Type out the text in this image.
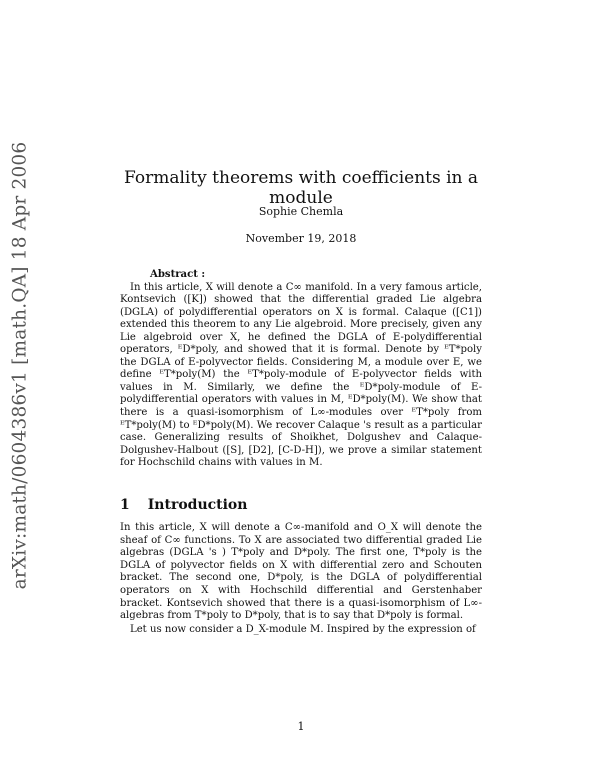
arXiv:math/0604386v1 [math.QA] 18 Apr 2006	Formality theorems with coefficients in a module
Sophie Chemla
November 19, 2018

Abstract :

In this article, X will denote a C∞ manifold. In a very famous article, Kontsevich ([K]) showed that the differential graded Lie algebra (DGLA) of polydifferential operators on X is formal. Calaque ([C1]) extended this theorem to any Lie algebroid. More precisely, given any Lie algebroid over X, he defined the DGLA of E-polydifferential operators, ᴱD*poly, and showed that it is formal. Denote by ᴱT*poly the DGLA of E-polyvector fields. Considering M, a module over E, we define ᴱT*poly(M) the ᴱT*poly-module of E-polyvector fields with values in M. Similarly, we define the ᴱD*poly-module of E-polydifferential operators with values in M, ᴱD*poly(M). We show that there is a quasi-isomorphism of L∞-modules over ᴱT*poly from ᴱT*poly(M) to ᴱD*poly(M). We recover Calaque 's result as a particular case. Generalizing results of Shoikhet, Dolgushev and Calaque-Dolgushev-Halbout ([S], [D2], [C-D-H]), we prove a similar statement for Hochschild chains with values in M.

1 Introduction

In this article, X will denote a C∞-manifold and O_X will denote the sheaf of C∞ functions. To X are associated two differential graded Lie algebras (DGLA 's ) T*poly and D*poly. The first one, T*poly is the DGLA of polyvector fields on X with differential zero and Schouten bracket. The second one, D*poly, is the DGLA of polydifferential operators on X with Hochschild differential and Gerstenhaber bracket. Kontsevich showed that there is a quasi-isomorphism of L∞-algebras from T*poly to D*poly, that is to say that D*poly is formal.

Let us now consider a D_X-module M. Inspired by the expression of

1
